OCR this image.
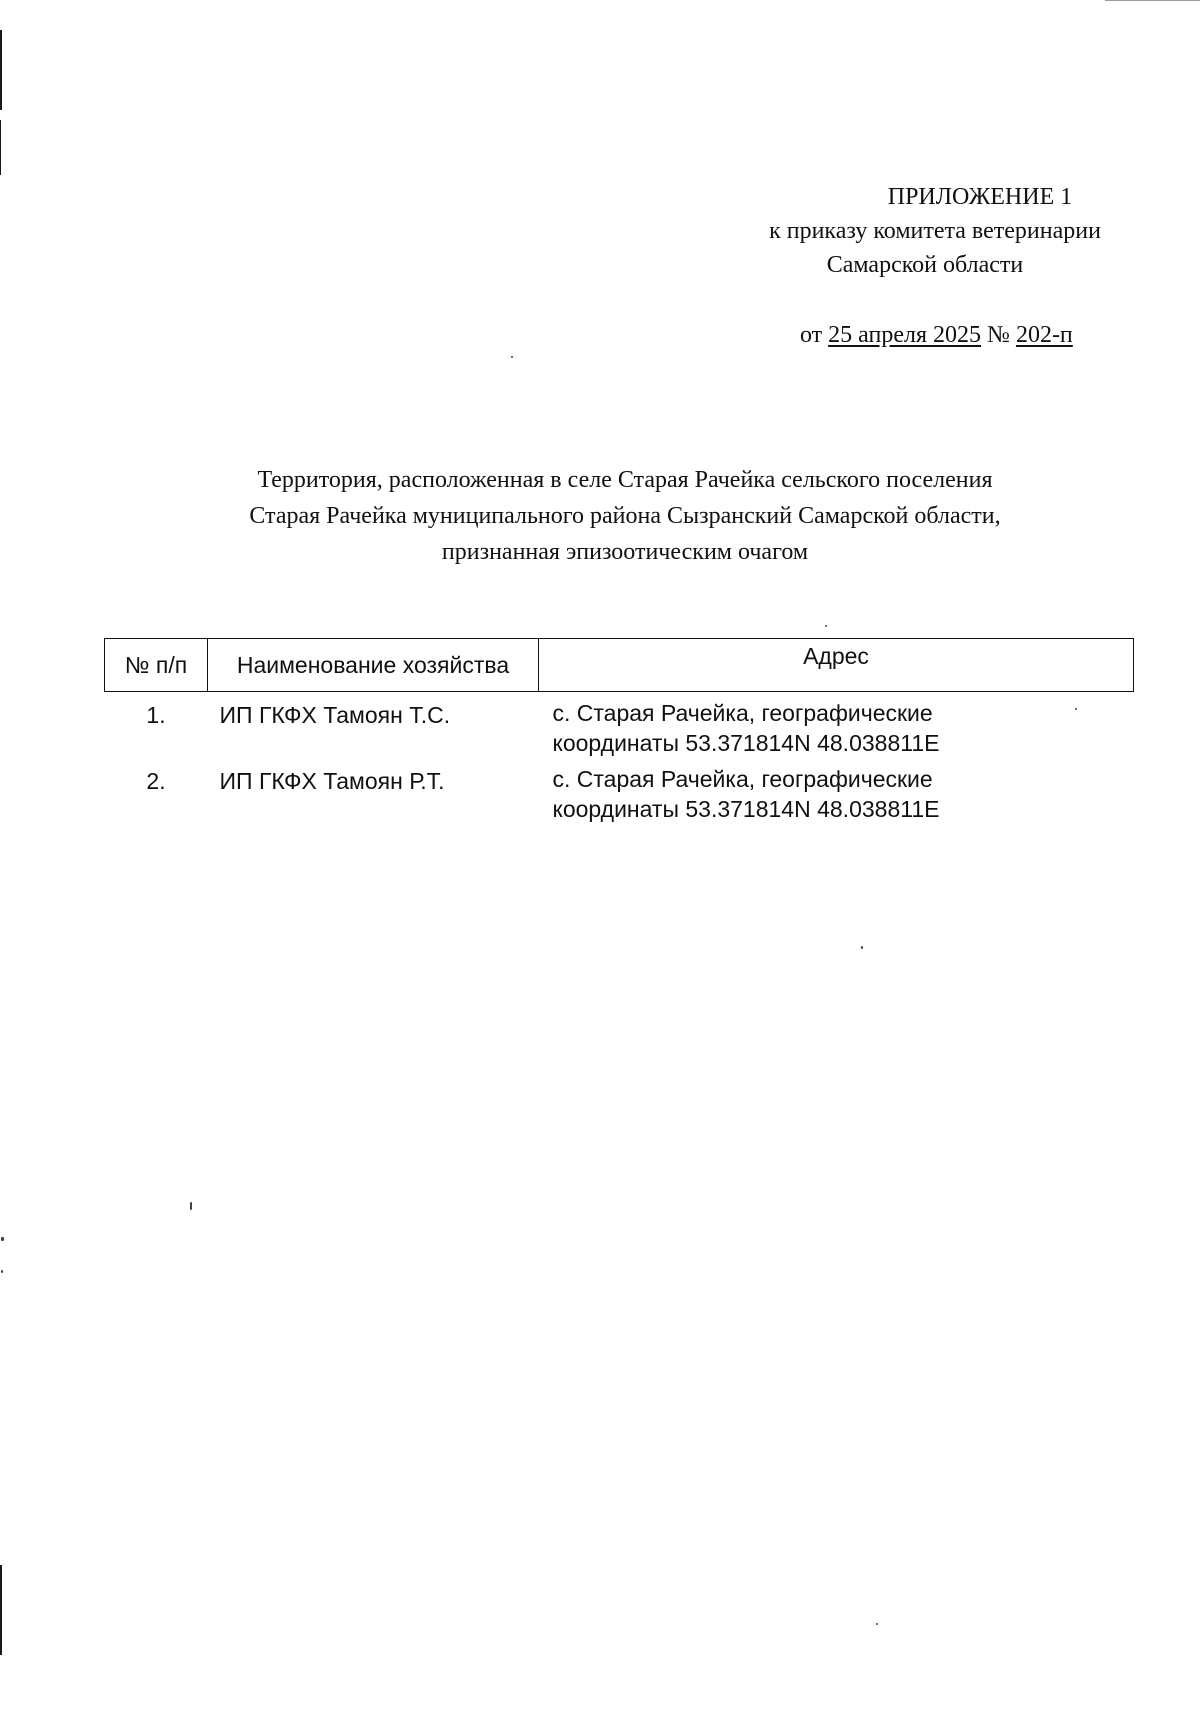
ПРИЛОЖЕНИЕ 1
к приказу комитета ветеринарии
Самарской области
от 25 апреля 2025 № 202-п
Территория, расположенная в селе Старая Рачейка сельского поселения
Старая Рачейка муниципального района Сызранский Самарской области,
признанная эпизоотическим очагом
№ п/п	Наименование хозяйства	Адрес
1.	ИП ГКФХ Тамоян Т.С.	с. Старая Рачейка, географические
координаты 53.371814N 48.038811E

2.	ИП ГКФХ Тамоян Р.Т.	с. Старая Рачейка, географические
координаты 53.371814N 48.038811E
